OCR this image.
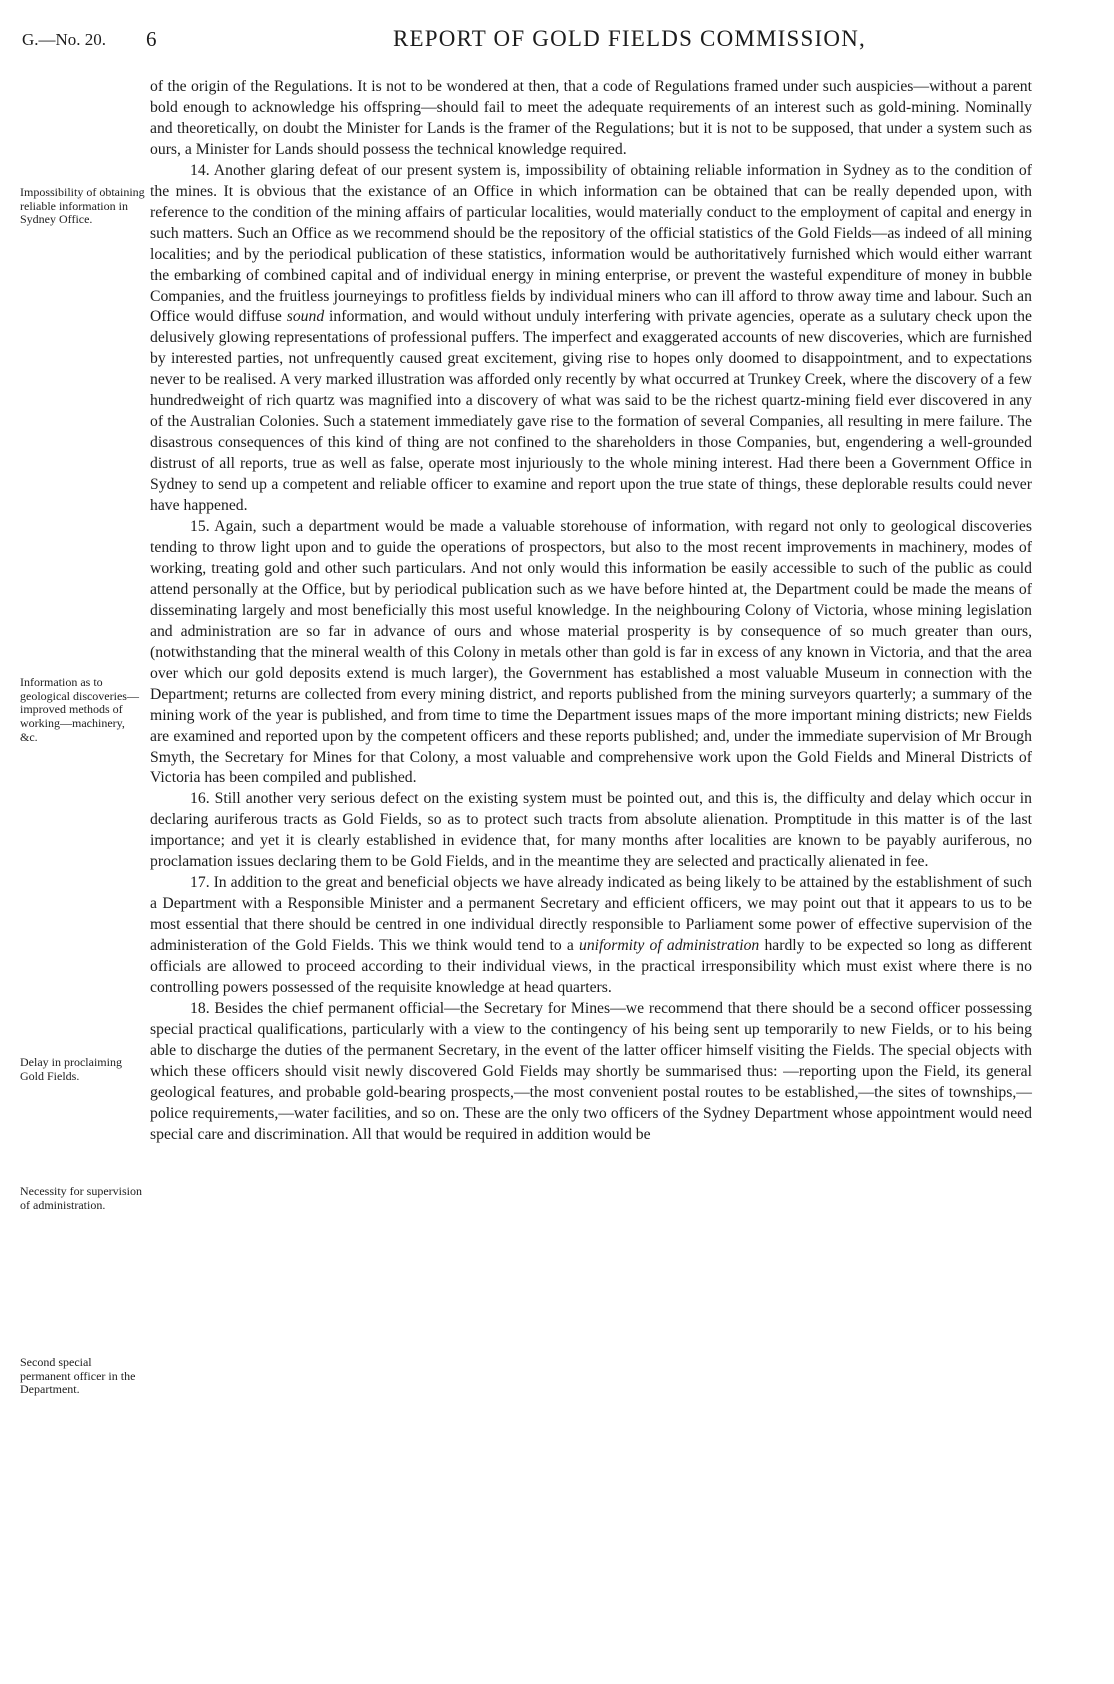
G.—No. 20. 6	REPORT OF GOLD FIELDS COMMISSION,
Impossibility of obtaining reliable information in Sydney Office.
Information as to geological discoveries—improved methods of working—machinery, &c.
Delay in proclaiming Gold Fields.
Necessity for supervision of administration.
Second special permanent officer in the Department.

of the origin of the Regulations. It is not to be wondered at then, that a code of Regulations framed under such auspicies—without a parent bold enough to acknowledge his offspring—should fail to meet the adequate requirements of an interest such as gold-mining. Nominally and theoretically, on doubt the Minister for Lands is the framer of the Regulations; but it is not to be supposed, that under a system such as ours, a Minister for Lands should possess the technical knowledge required.

14. Another glaring defeat of our present system is, impossibility of obtaining reliable information in Sydney as to the condition of the mines. It is obvious that the existance of an Office in which information can be obtained that can be really depended upon, with reference to the condition of the mining affairs of particular localities, would materially conduct to the employment of capital and energy in such matters. Such an Office as we recommend should be the repository of the official statistics of the Gold Fields—as indeed of all mining localities; and by the periodical publication of these statistics, information would be authoritatively furnished which would either warrant the embarking of combined capital and of individual energy in mining enterprise, or prevent the wasteful expenditure of money in bubble Companies, and the fruitless journeyings to profitless fields by individual miners who can ill afford to throw away time and labour. Such an Office would diffuse sound information, and would without unduly interfering with private agencies, operate as a sulutary check upon the delusively glowing representations of professional puffers. The imperfect and exaggerated accounts of new discoveries, which are furnished by interested parties, not unfrequently caused great excitement, giving rise to hopes only doomed to disappointment, and to expectations never to be realised. A very marked illustration was afforded only recently by what occurred at Trunkey Creek, where the discovery of a few hundredweight of rich quartz was magnified into a discovery of what was said to be the richest quartz-mining field ever discovered in any of the Australian Colonies. Such a statement immediately gave rise to the formation of several Companies, all resulting in mere failure. The disastrous consequences of this kind of thing are not confined to the shareholders in those Companies, but, engendering a well-grounded distrust of all reports, true as well as false, operate most injuriously to the whole mining interest. Had there been a Government Office in Sydney to send up a competent and reliable officer to examine and report upon the true state of things, these deplorable results could never have happened.

15. Again, such a department would be made a valuable storehouse of information, with regard not only to geological discoveries tending to throw light upon and to guide the operations of prospectors, but also to the most recent improvements in machinery, modes of working, treating gold and other such particulars. And not only would this information be easily accessible to such of the public as could attend personally at the Office, but by periodical publication such as we have before hinted at, the Department could be made the means of disseminating largely and most beneficially this most useful knowledge. In the neighbouring Colony of Victoria, whose mining legislation and administration are so far in advance of ours and whose material prosperity is by consequence of so much greater than ours, (notwithstanding that the mineral wealth of this Colony in metals other than gold is far in excess of any known in Victoria, and that the area over which our gold deposits extend is much larger), the Government has established a most valuable Museum in connection with the Department; returns are collected from every mining district, and reports published from the mining surveyors quarterly; a summary of the mining work of the year is published, and from time to time the Department issues maps of the more important mining districts; new Fields are examined and reported upon by the competent officers and these reports published; and, under the immediate supervision of Mr Brough Smyth, the Secretary for Mines for that Colony, a most valuable and comprehensive work upon the Gold Fields and Mineral Districts of Victoria has been compiled and published.

16. Still another very serious defect on the existing system must be pointed out, and this is, the difficulty and delay which occur in declaring auriferous tracts as Gold Fields, so as to protect such tracts from absolute alienation. Promptitude in this matter is of the last importance; and yet it is clearly established in evidence that, for many months after localities are known to be payably auriferous, no proclamation issues declaring them to be Gold Fields, and in the meantime they are selected and practically alienated in fee.

17. In addition to the great and beneficial objects we have already indicated as being likely to be attained by the establishment of such a Department with a Responsible Minister and a permanent Secretary and efficient officers, we may point out that it appears to us to be most essential that there should be centred in one individual directly responsible to Parliament some power of effective supervision of the administeration of the Gold Fields. This we think would tend to a uniformity of administration hardly to be expected so long as different officials are allowed to proceed according to their individual views, in the practical irresponsibility which must exist where there is no controlling powers possessed of the requisite knowledge at head quarters.

18. Besides the chief permanent official—the Secretary for Mines—we recommend that there should be a second officer possessing special practical qualifications, particularly with a view to the contingency of his being sent up temporarily to new Fields, or to his being able to discharge the duties of the permanent Secretary, in the event of the latter officer himself visiting the Fields. The special objects with which these officers should visit newly discovered Gold Fields may shortly be summarised thus: —reporting upon the Field, its general geological features, and probable gold-bearing prospects,—the most convenient postal routes to be established,—the sites of townships,—police requirements,—water facilities, and so on. These are the only two officers of the Sydney Department whose appointment would need special care and discrimination. All that would be required in addition would be
